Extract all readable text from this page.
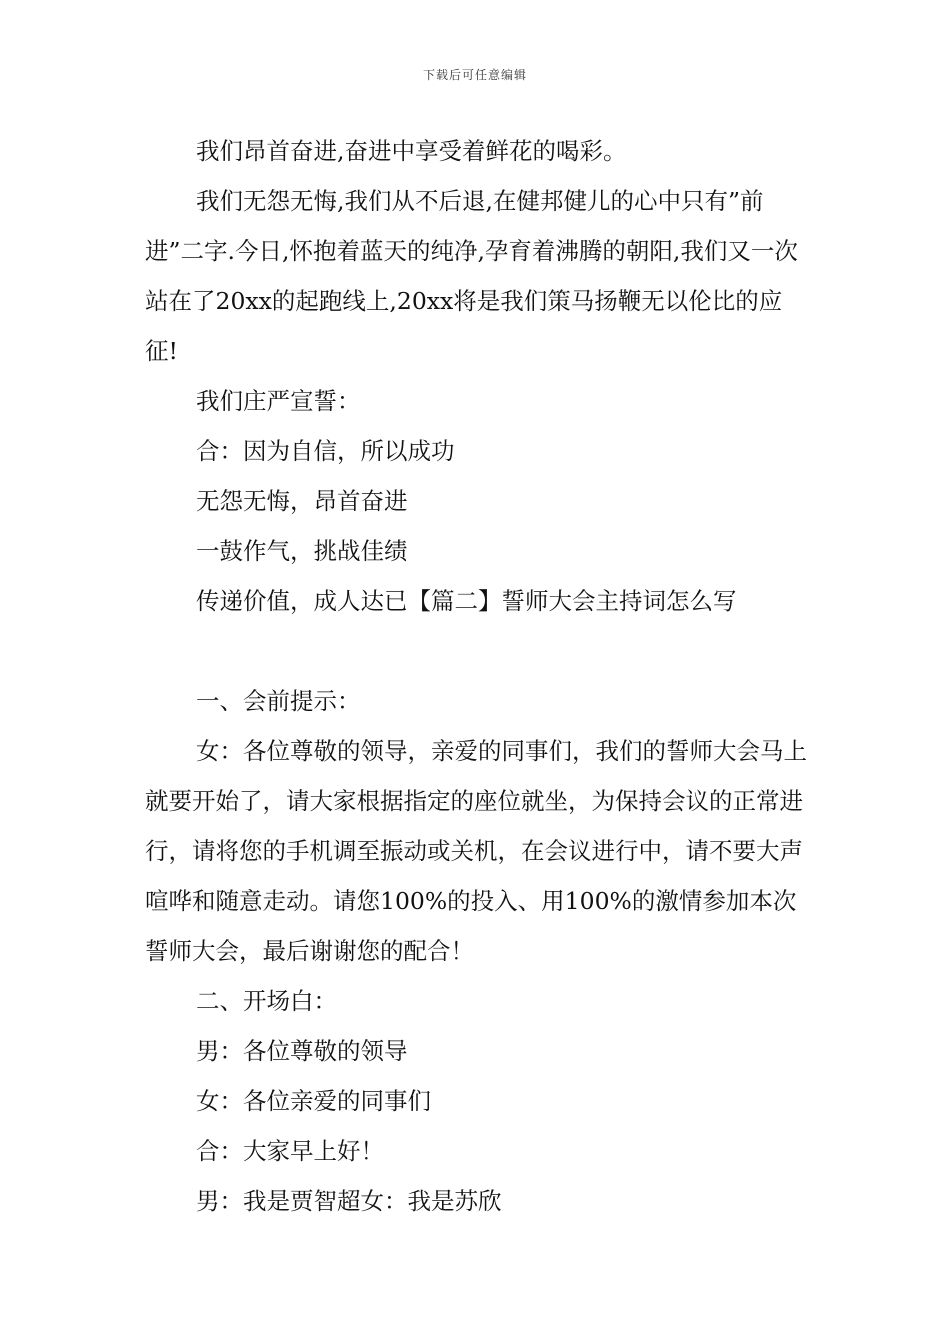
下载后可任意编辑

我们昂首奋进,奋进中享受着鲜花的喝彩。

我们无怨无悔,我们从不后退,在健邦健儿的心中只有”前进”二字.今日,怀抱着蓝天的纯净,孕育着沸腾的朝阳,我们又一次站在了20xx的起跑线上,20xx将是我们策马扬鞭无以伦比的应征!

我们庄严宣誓：

合：因为自信，所以成功

无怨无悔，昂首奋进

一鼓作气，挑战佳绩

传递价值，成人达已【篇二】誓师大会主持词怎么写

一、会前提示：

女：各位尊敬的领导，亲爱的同事们，我们的誓师大会马上就要开始了，请大家根据指定的座位就坐，为保持会议的正常进行，请将您的手机调至振动或关机，在会议进行中，请不要大声喧哗和随意走动。请您100%的投入、用100%的激情参加本次誓师大会，最后谢谢您的配合！

二、开场白：

男：各位尊敬的领导

女：各位亲爱的同事们

合：大家早上好！

男：我是贾智超女：我是苏欣
